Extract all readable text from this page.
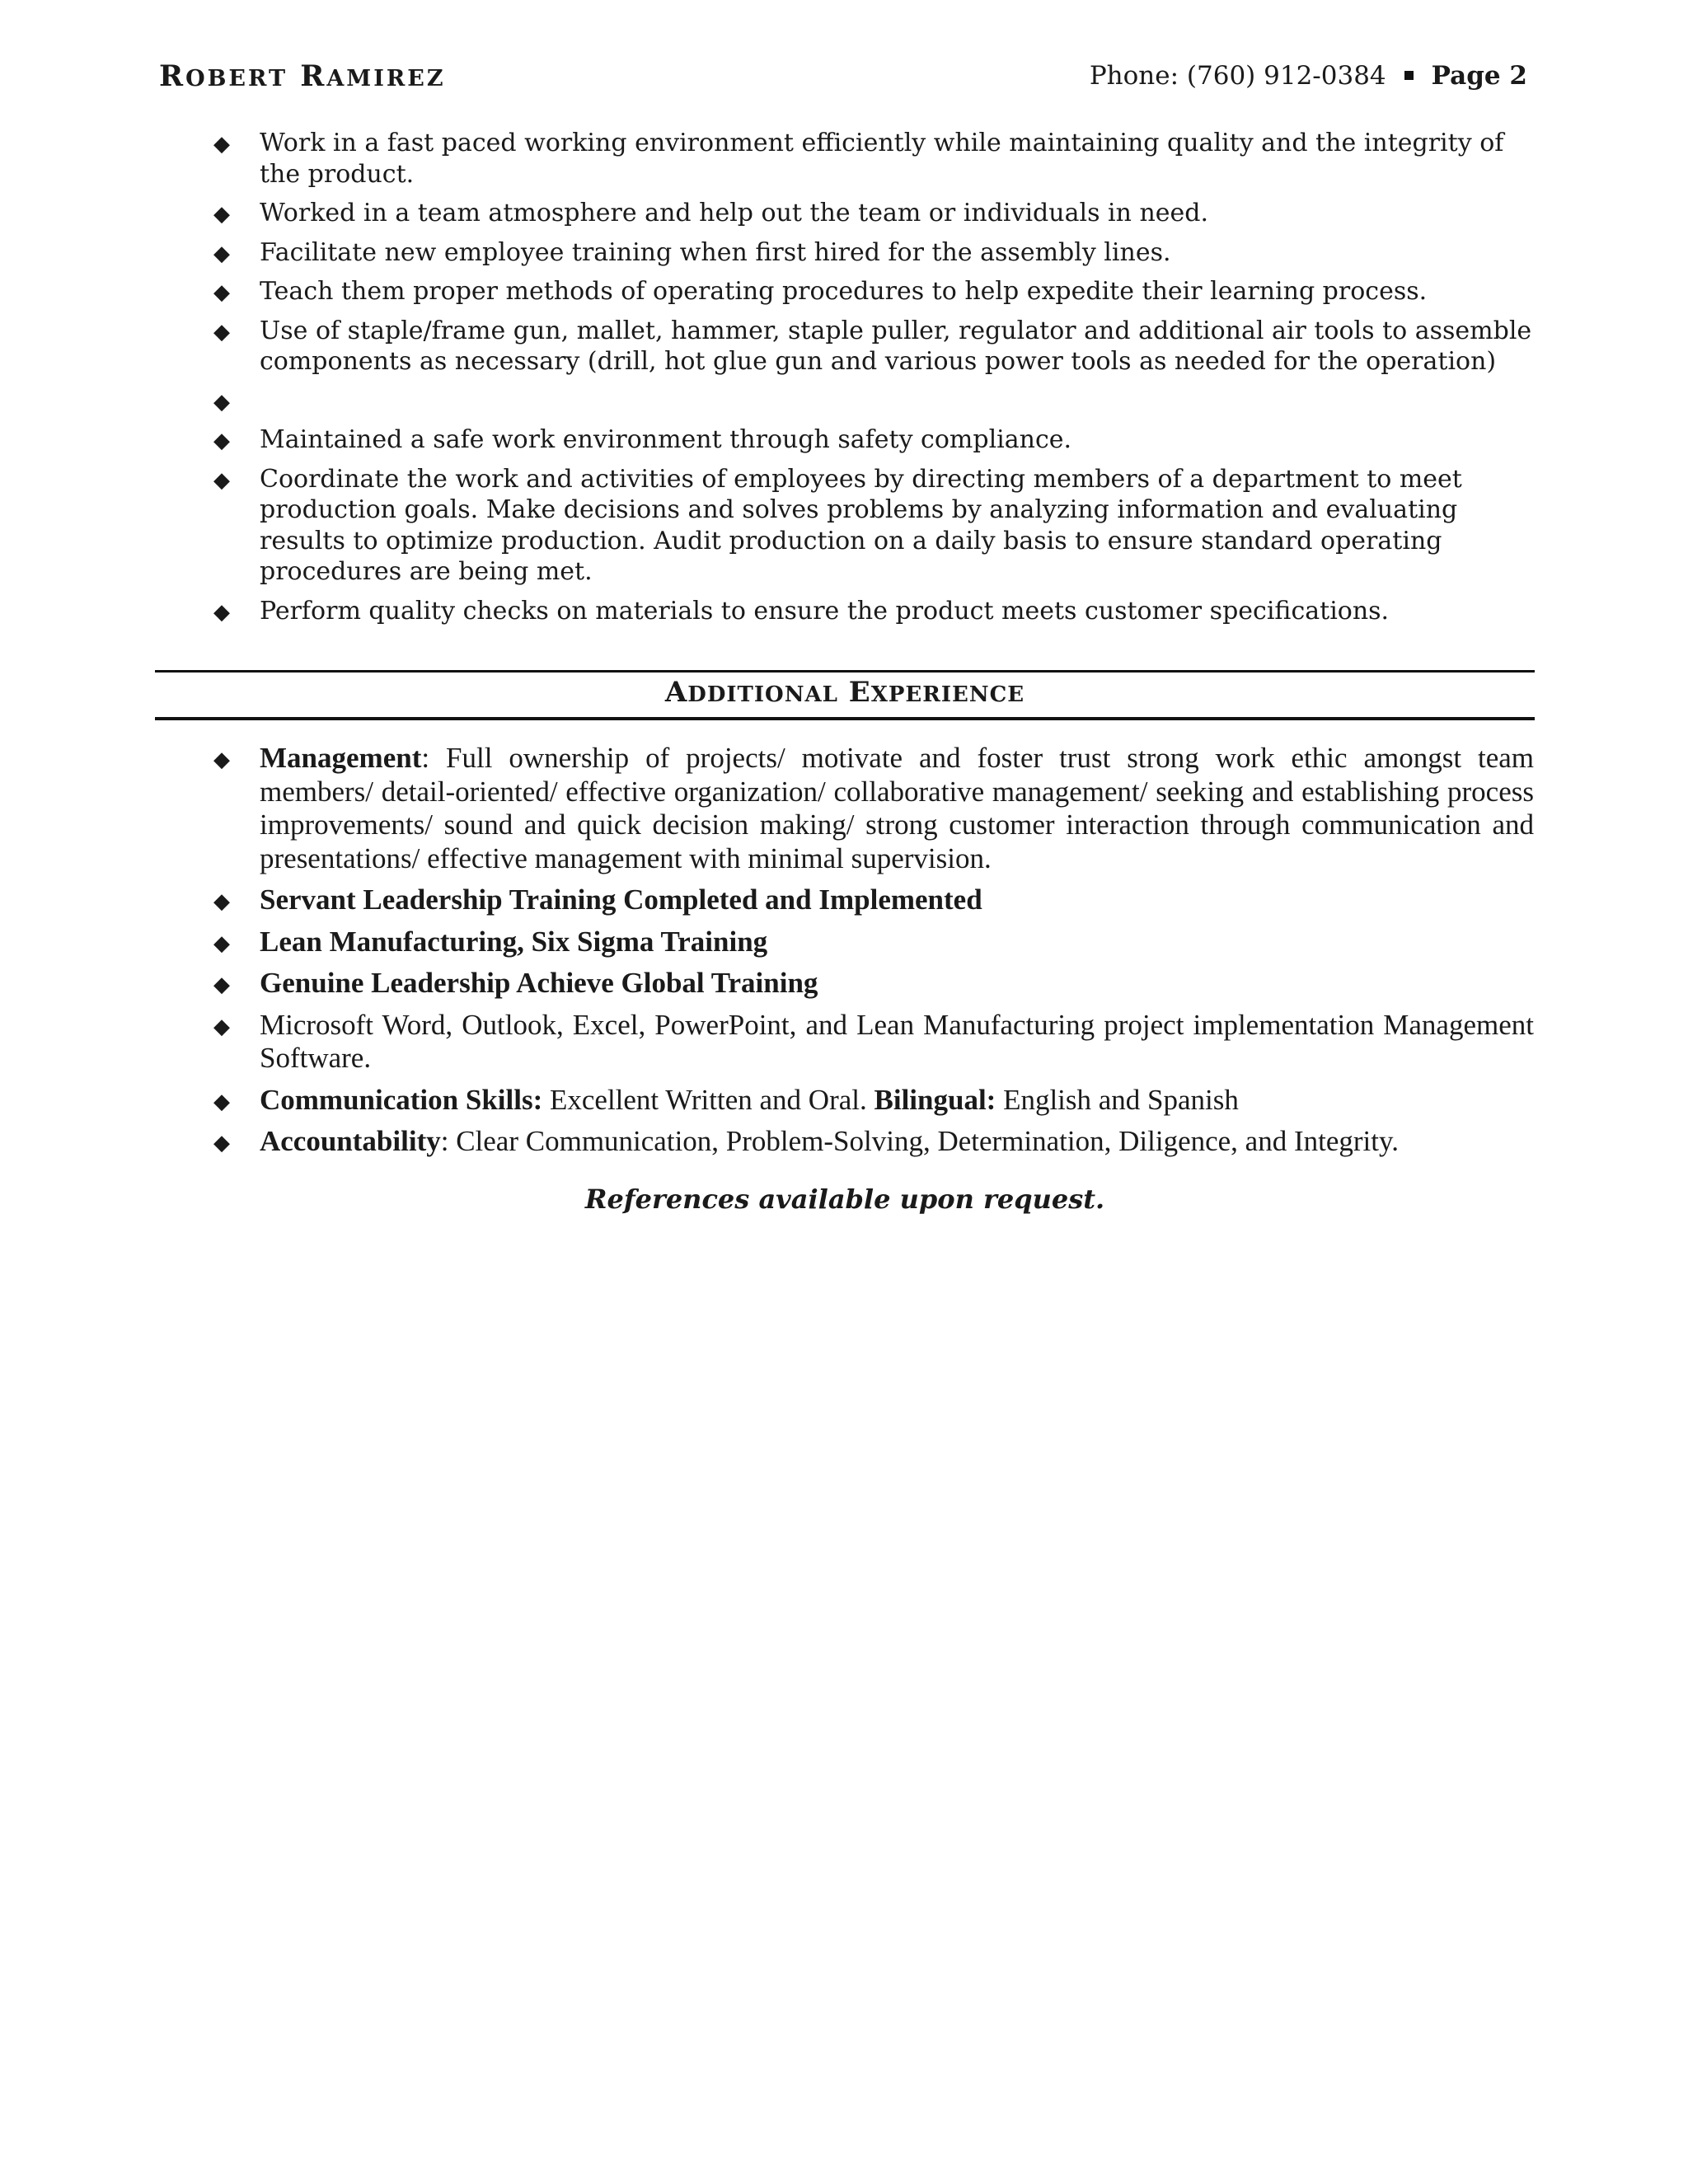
ROBERT RAMIREZ	Phone: (760) 912-0384 Page 2
◆ Work in a fast paced working environment efficiently while maintaining quality and the integrity of the product.
◆ Worked in a team atmosphere and help out the team or individuals in need.
◆ Facilitate new employee training when first hired for the assembly lines.
◆ Teach them proper methods of operating procedures to help expedite their learning process.
◆ Use of staple/frame gun, mallet, hammer, staple puller, regulator and additional air tools to assemble components as necessary (drill, hot glue gun and various power tools as needed for the operation)
◆
◆ Maintained a safe work environment through safety compliance.
◆ Coordinate the work and activities of employees by directing members of a department to meet production goals. Make decisions and solves problems by analyzing information and evaluating results to optimize production. Audit production on a daily basis to ensure standard operating procedures are being met.
◆ Perform quality checks on materials to ensure the product meets customer specifications.
ADDITIONAL EXPERIENCE
◆ Management: Full ownership of projects/ motivate and foster trust strong work ethic amongst team members/ detail-oriented/ effective organization/ collaborative management/ seeking and establishing process improvements/ sound and quick decision making/ strong customer interaction through communication and presentations/ effective management with minimal supervision.
◆ Servant Leadership Training Completed and Implemented
◆ Lean Manufacturing, Six Sigma Training
◆ Genuine Leadership Achieve Global Training
◆ Microsoft Word, Outlook, Excel, PowerPoint, and Lean Manufacturing project implementation Management Software.
◆ Communication Skills: Excellent Written and Oral. Bilingual: English and Spanish
◆ Accountability: Clear Communication, Problem-Solving, Determination, Diligence, and Integrity.
References available upon request.
